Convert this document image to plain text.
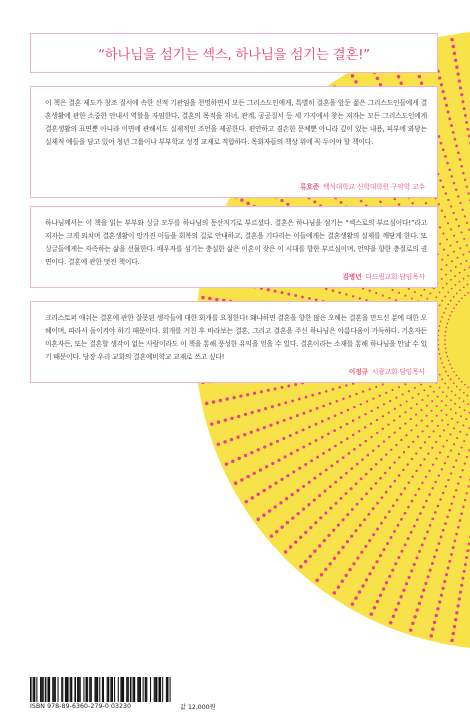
“하나님을 섬기는 섹스, 하나님을 섬기는 결혼!”
이 책은 결혼 제도가 창조 질서에 속한 신적 기관임을 천명하면서 모든 그리스도인에게, 특별히 결혼을 앞둔 젊은 그리스도인들에게 결혼생활에 관한 소중한 안내서 역할을 자임한다. 결혼의 목적을 자녀, 관계, 공공질서 등 세 가지에서 찾는 저자는 모든 그리스도인에게 결혼생활의 표면뿐 아니라 이면에 관해서도 실제적인 조언을 제공한다. 편안하고 겸손한 문체뿐 아니라 깊이 있는 내용, 피부에 와닿는 실제적 예들을 담고 있어 청년 그룹이나 부부학교 성경 교재로 적합하다. 목회자들의 책상 위에 꼭 두어야 할 책이다.
류호준 백석대학교 신학대학원 구약학 교수
하나님께서는 이 책을 읽는 부부와 싱글 모두를 하나님의 동산지기로 부르셨다. 결혼은 하나님을 섬기는 “섹스로의 부르심이다!”라고 저자는 크게 외치며 결혼생활이 망가진 이들을 회복의 길로 안내하고, 결혼을 기다리는 이들에게는 결혼생활의 실제를 깨닫게 한다. 또 싱글들에게는 자족하는 삶을 선물한다. 배우자를 섬기는 충실한 삶은 이혼이 잦은 이 시대를 향한 부르심이며, 언약을 향한 충절로의 권면이다. 결혼에 관한 멋진 책이다.
김병년 다드림교회 담임목사
크리스토퍼 애쉬는 결혼에 관한 잘못된 생각들에 대한 회개를 요청한다! 왜냐하면 결혼을 향한 많은 오해는 결혼을 만드신 분에 대한 오해이며, 따라서 돌이켜야 하기 때문이다. 회개를 거친 후 바라보는 결혼, 그리고 결혼을 주신 하나님은 아름다움이 가득하다. 기혼자든 미혼자든, 또는 결혼할 생각이 없는 사람이라도 이 책을 통해 풍성한 유익을 얻을 수 있다. 결혼이라는 소재를 통해 하나님을 만날 수 있기 때문이다. 당장 우리 교회의 결혼예비학교 교재로 쓰고 싶다!
이정규 시광교회 담임목사
ISBN 978-89-6360-279-0 03230	값 12,000원
